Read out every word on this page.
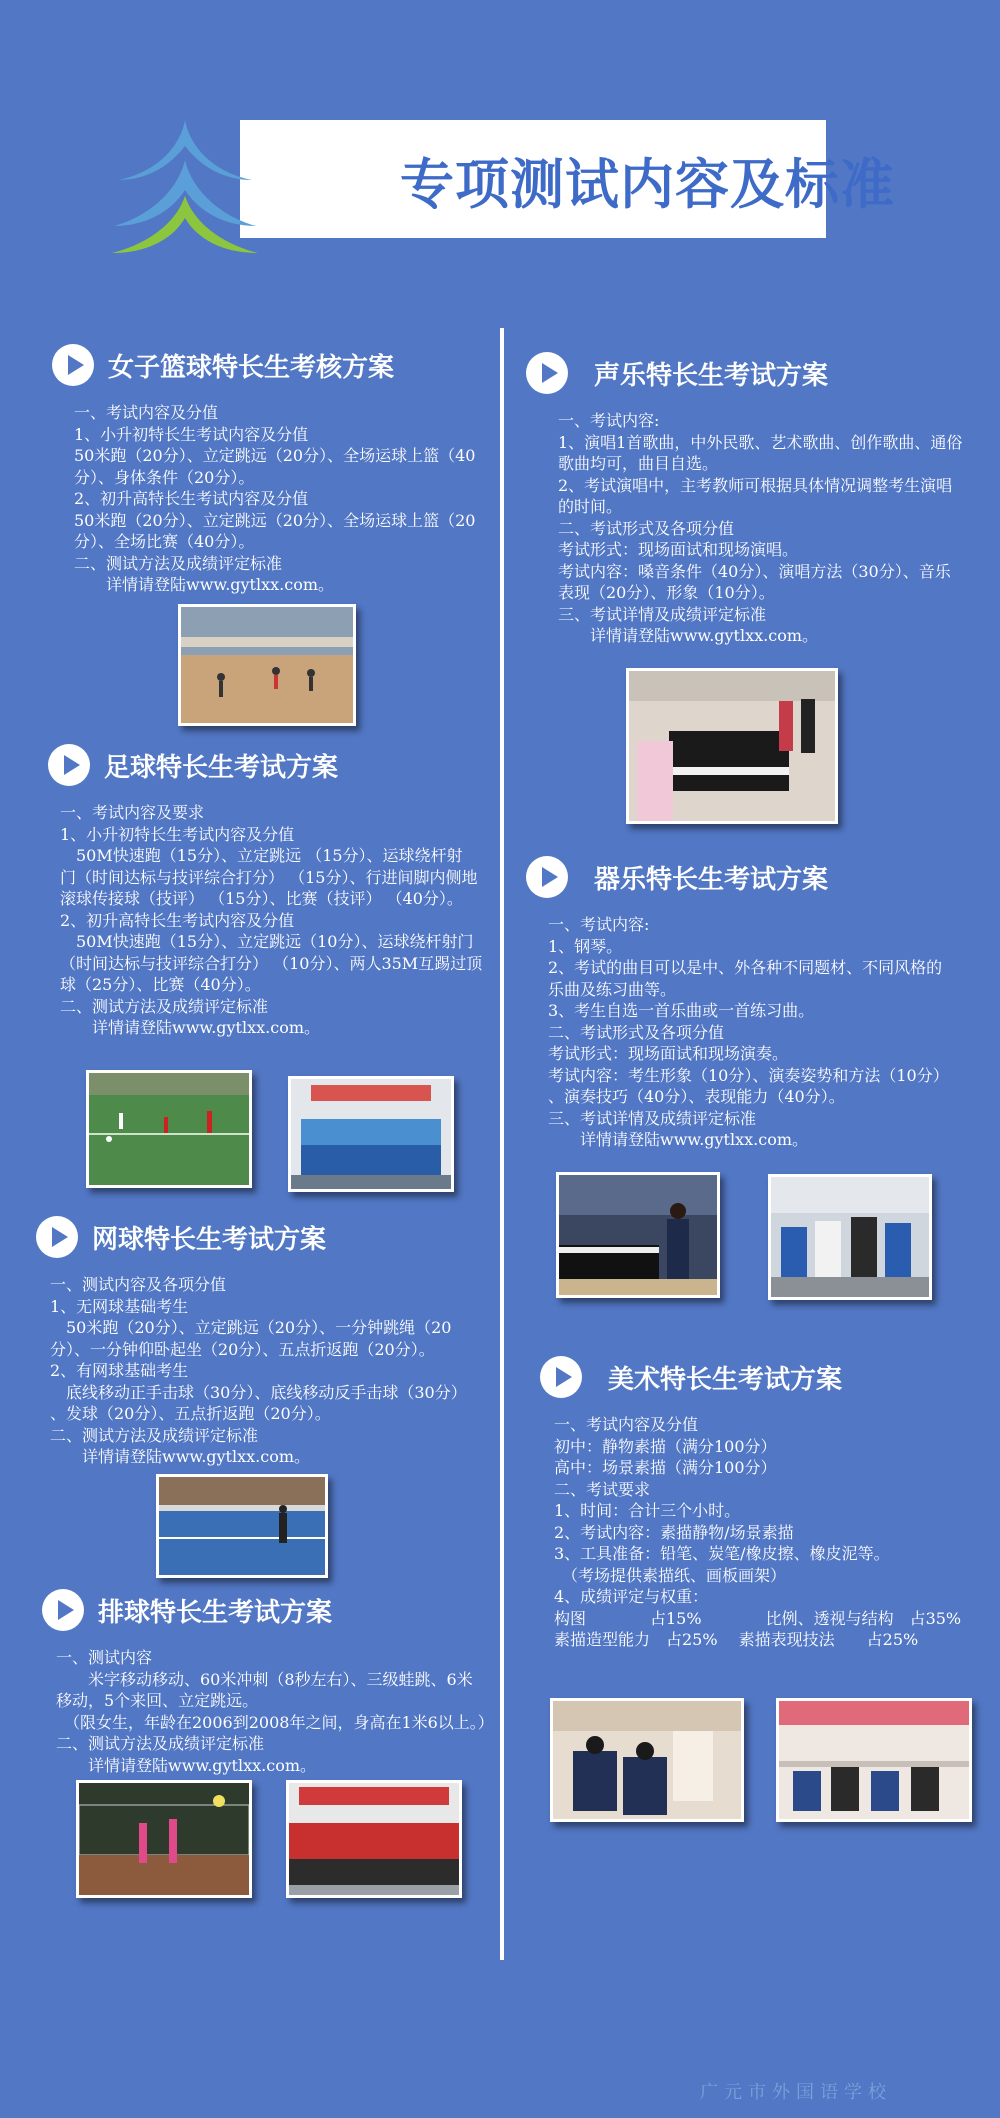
专项测试内容及标准
女子篮球特长生考核方案
一、考试内容及分值
1、小升初特长生考试内容及分值
50米跑（20分）、立定跳远（20分）、全场运球上篮（40
分）、身体条件（20分）。
2、初升高特长生考试内容及分值
50米跑（20分）、立定跳远（20分）、全场运球上篮（20
分）、全场比赛（40分）。
二、测试方法及成绩评定标准
　　详情请登陆www.gytlxx.com。
足球特长生考试方案
一、考试内容及要求
1、小升初特长生考试内容及分值
　50M快速跑（15分）、立定跳远 （15分）、运球绕杆射
门（时间达标与技评综合打分） （15分）、行进间脚内侧地
滚球传接球（技评） （15分）、比赛（技评） （40分）。
2、初升高特长生考试内容及分值
　50M快速跑（15分）、立定跳远（10分）、运球绕杆射门
（时间达标与技评综合打分） （10分）、两人35M互踢过顶
球（25分）、比赛（40分）。
二、测试方法及成绩评定标准
　　详情请登陆www.gytlxx.com。
网球特长生考试方案
一、测试内容及各项分值
1、无网球基础考生
　50米跑（20分）、立定跳远（20分）、一分钟跳绳（20
分）、一分钟仰卧起坐（20分）、五点折返跑（20分）。
2、有网球基础考生
　底线移动正手击球（30分）、底线移动反手击球（30分）
、发球（20分）、五点折返跑（20分）。
二、测试方法及成绩评定标准
　　详情请登陆www.gytlxx.com。
排球特长生考试方案
一、测试内容
　　米字移动移动、60米冲刺（8秒左右）、三级蛙跳、6米
移动，5个来回、立定跳远。
　（限女生，年龄在2006到2008年之间，身高在1米6以上。）
二、测试方法及成绩评定标准
　　详情请登陆www.gytlxx.com。
声乐特长生考试方案
一、考试内容:
1、演唱1首歌曲，中外民歌、艺术歌曲、创作歌曲、通俗
歌曲均可，曲目自选。
2、考试演唱中，主考教师可根据具体情况调整考生演唱
的时间。
二、考试形式及各项分值
考试形式：现场面试和现场演唱。
考试内容：嗓音条件（40分）、演唱方法（30分）、音乐
表现（20分）、形象（10分）。
三、考试详情及成绩评定标准
　　详情请登陆www.gytlxx.com。
器乐特长生考试方案
一、考试内容:
1、钢琴。
2、考试的曲目可以是中、外各种不同题材、不同风格的
乐曲及练习曲等。
3、考生自选一首乐曲或一首练习曲。
二、考试形式及各项分值
考试形式：现场面试和现场演奏。
考试内容：考生形象（10分）、演奏姿势和方法（10分）
、演奏技巧（40分）、表现能力（40分）。
三、考试详情及成绩评定标准
　　详情请登陆www.gytlxx.com。
美术特长生考试方案
一、考试内容及分值
初中：静物素描（满分100分）
高中：场景素描（满分100分）
二、考试要求
1、时间：合计三个小时。
2、考试内容：素描静物/场景素描
3、工具准备：铅笔、炭笔/橡皮擦、橡皮泥等。
　（考场提供素描纸、画板画架）
4、成绩评定与权重：
构图　　　　占15%　　　　比例、透视与结构　占35%
素描造型能力　占25%　 素描表现技法　　占25%
广元市外国语学校
